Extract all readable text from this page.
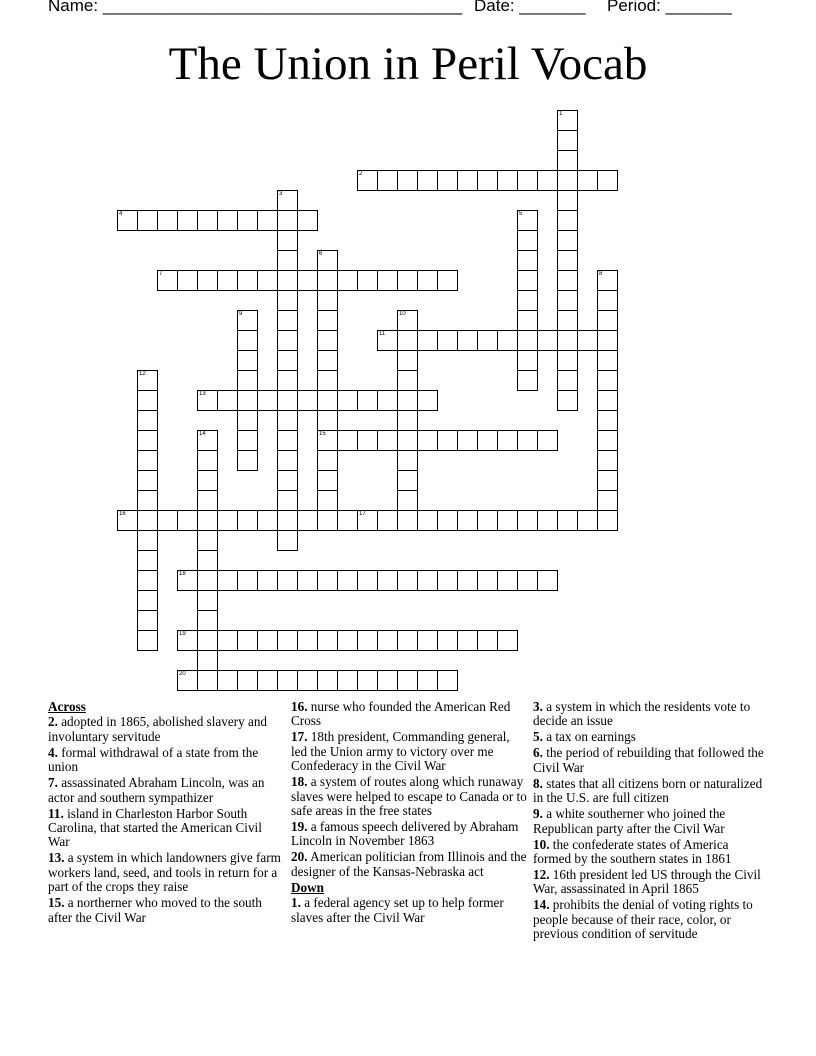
Name: ______________________________________ Date: _______ Period: _______
The Union in Peril Vocab
1
2
3
4	5
6
15
7	8
9	10
11
12
13
14
16	17
18
19
20
Across
2. adopted in 1865, abolished slavery and involuntary servitude
4. formal withdrawal of a state from the union
7. assassinated Abraham Lincoln, was an actor and southern sympathizer
11. island in Charleston Harbor South Carolina, that started the American Civil War
13. a system in which landowners give farm workers land, seed, and tools in return for a part of the crops they raise
15. a northerner who moved to the south after the Civil War
16. nurse who founded the American Red Cross
17. 18th president, Commanding general, led the Union army to victory over me Confederacy in the Civil War
18. a system of routes along which runaway slaves were helped to escape to Canada or to safe areas in the free states
19. a famous speech delivered by Abraham Lincoln in November 1863
20. American politician from Illinois and the designer of the Kansas-Nebraska act
Down
1. a federal agency set up to help former slaves after the Civil War
3. a system in which the residents vote to decide an issue
5. a tax on earnings
6. the period of rebuilding that followed the Civil War
8. states that all citizens born or naturalized in the U.S. are full citizen
9. a white southerner who joined the Republican party after the Civil War
10. the confederate states of America formed by the southern states in 1861
12. 16th president led US through the Civil War, assassinated in April 1865
14. prohibits the denial of voting rights to people because of their race, color, or previous condition of servitude
